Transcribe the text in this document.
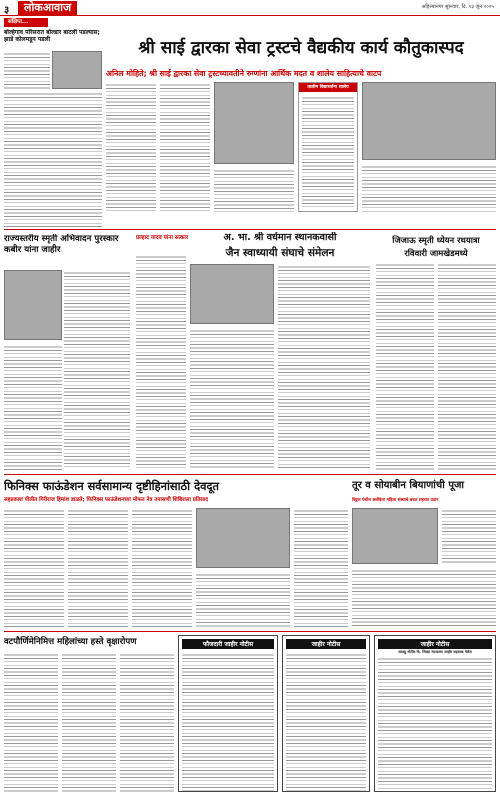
३	लोकआवाज	अहिल्यानगर सुरूवार, दि. १३ जून २०२५
संक्षिप्त...
बोल्हेगाव परिसरात बोल्डार बाटली पडल्यास; झाडे कोलमडून पडली	श्री साई द्वारका सेवा ट्रस्टचे वैद्यकीय कार्य कौतुकास्पद
अनिल मोहिते; श्री साई द्वारका सेवा ट्रस्टच्यावतीने रुग्णांना आर्थिक मदत व शालेय साहित्याचे वाटप
तालीम विद्यार्थ्यांना शालेय
राज्यस्तरीय स्मृती अभिवादन पुरस्कार कबीर यांना जाहीर
प्रल्हाद यादव यांना सत्कार	अ. भा. श्री वर्धमान स्थानकवासी
जैन स्वाध्यायी संघाचे संमेलन
जिजाऊ स्मृती ध्येयन रथयात्रा
रविवारी जामखेडमध्ये
फिनिक्स फाऊंडेशन सर्वसामान्य दृष्टीहिनांसाठी देवदूत
सहप्रकाश पीलीत गिरीराज हिमांश डाळते; फिनिक्स फाऊंडेशनच्या मोफत नेत्र तपासणी शिबिराला प्रतिसाद
तूर व सोयाबीन बियाणांची पूजा
विठ्ठल येथील छत्रीकेश महिला संस्थाचे बचत शहरात प्रदान
वटपौर्णिमेनिमित्त महिलांच्या हस्ते वृक्षारोपण	फौजदारी जाहीर नोटीस	जाहीर नोटीस	जाहीर नोटीस
सदरहू नोटीस दि. जिल्हा न्यायालय जाहीर सहायक गेलेस
